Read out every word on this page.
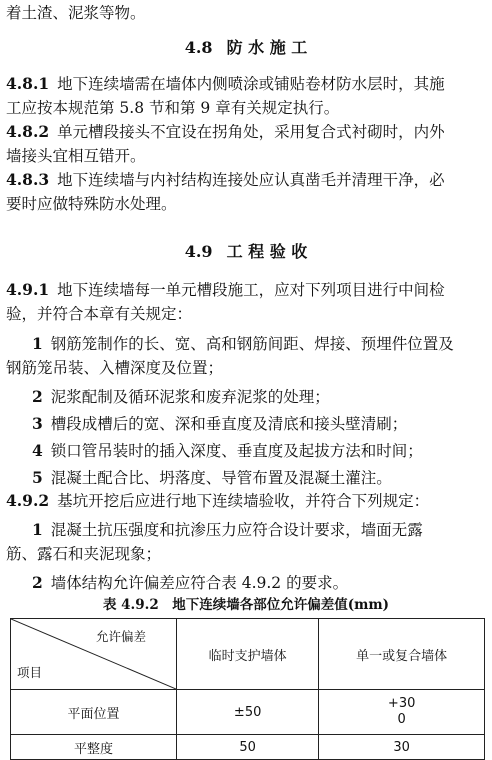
着土渣、泥浆等物。
4.8 防 水 施 工
4.8.1 地下连续墙需在墙体内侧喷涂或铺贴卷材防水层时，其施
工应按本规范第 5.8 节和第 9 章有关规定执行。
4.8.2 单元槽段接头不宜设在拐角处，采用复合式衬砌时，内外
墙接头宜相互错开。
4.8.3 地下连续墙与内衬结构连接处应认真凿毛并清理干净，必
要时应做特殊防水处理。
4.9 工 程 验 收
4.9.1 地下连续墙每一单元槽段施工，应对下列项目进行中间检
验，并符合本章有关规定：
1 钢筋笼制作的长、宽、高和钢筋间距、焊接、预埋件位置及
钢筋笼吊装、入槽深度及位置；
2 泥浆配制及循环泥浆和废弃泥浆的处理；
3 槽段成槽后的宽、深和垂直度及清底和接头壁清刷；
4 锁口管吊装时的插入深度、垂直度及起拔方法和时间；
5 混凝土配合比、坍落度、导管布置及混凝土灌注。
4.9.2 基坑开挖后应进行地下连续墙验收，并符合下列规定：
1 混凝土抗压强度和抗渗压力应符合设计要求，墙面无露
筋、露石和夹泥现象；
2 墙体结构允许偏差应符合表 4.9.2 的要求。
表 4.9.2　地下连续墙各部位允许偏差值(mm)
允许偏差
项目	临时支护墙体	单一或复合墙体
平面位置	±50	+30
0

平整度	50	30
